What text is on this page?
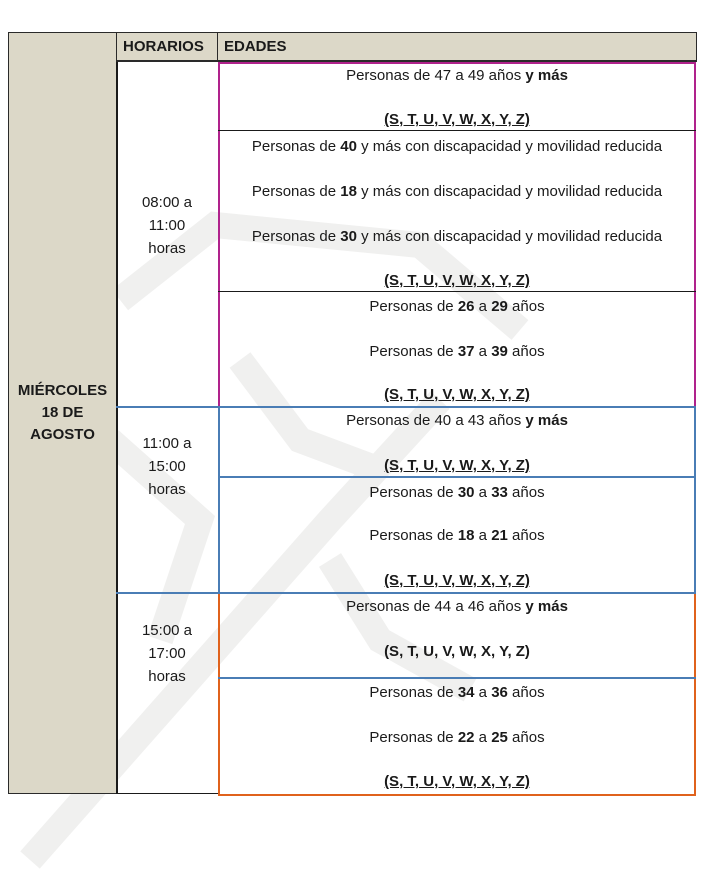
MIÉRCOLES
18 DE
AGOSTO
HORARIOS	EDADES
08:00 a
11:00
horas
11:00 a
15:00
horas
15:00 a
17:00
horas
Personas de 47 a 49 años y más
(S, T, U, V, W, X, Y, Z)
Personas de 40 y más con discapacidad y movilidad reducida
Personas de 18 y más con discapacidad y movilidad reducida
Personas de 30 y más con discapacidad y movilidad reducida
(S, T, U, V, W, X, Y, Z)
Personas de 26 a 29 años
Personas de 37 a 39 años
(S, T, U, V, W, X, Y, Z)
Personas de 40 a 43 años y más
(S, T, U, V, W, X, Y, Z)
Personas de 30 a 33 años
Personas de 18 a 21 años
(S, T, U, V, W, X, Y, Z)
Personas de 44 a 46 años y más
(S, T, U, V, W, X, Y, Z)
Personas de 34 a 36 años
Personas de 22 a 25 años
(S, T, U, V, W, X, Y, Z)
